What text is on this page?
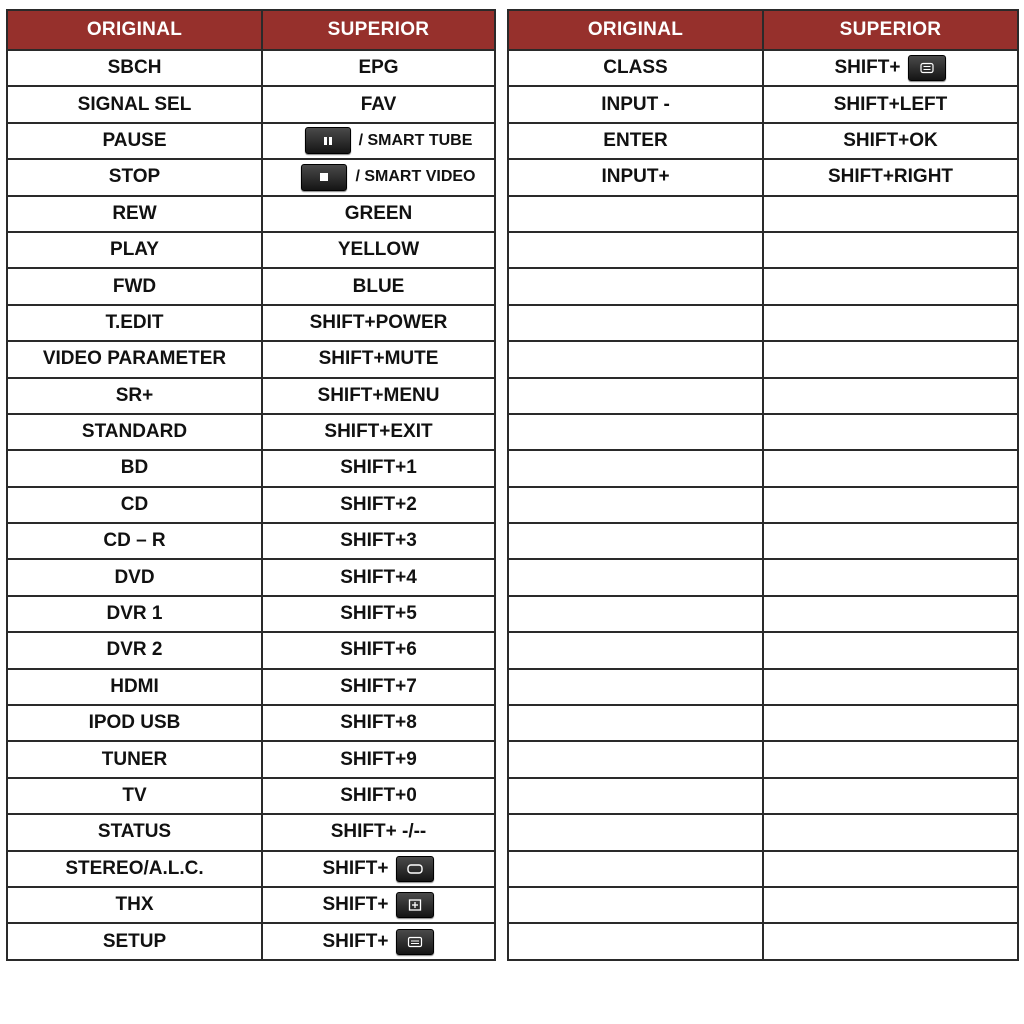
ORIGINAL	SUPERIOR
SBCH	EPG
SIGNAL SEL	FAV
PAUSE	/ SMART TUBE

STOP	/ SMART VIDEO

REW	GREEN
PLAY	YELLOW
FWD	BLUE
T.EDIT	SHIFT+POWER
VIDEO PARAMETER	SHIFT+MUTE
SR+	SHIFT+MENU
STANDARD	SHIFT+EXIT
BD	SHIFT+1
CD	SHIFT+2
CD – R	SHIFT+3
DVD	SHIFT+4
DVR 1	SHIFT+5
DVR 2	SHIFT+6
HDMI	SHIFT+7
IPOD USB	SHIFT+8
TUNER	SHIFT+9
TV	SHIFT+0
STATUS	SHIFT+ -/--
STEREO/A.L.C.	SHIFT+

THX	SHIFT+

SETUP	SHIFT+
ORIGINAL	SUPERIOR
CLASS	SHIFT+

INPUT -	SHIFT+LEFT
ENTER	SHIFT+OK
INPUT+	SHIFT+RIGHT
